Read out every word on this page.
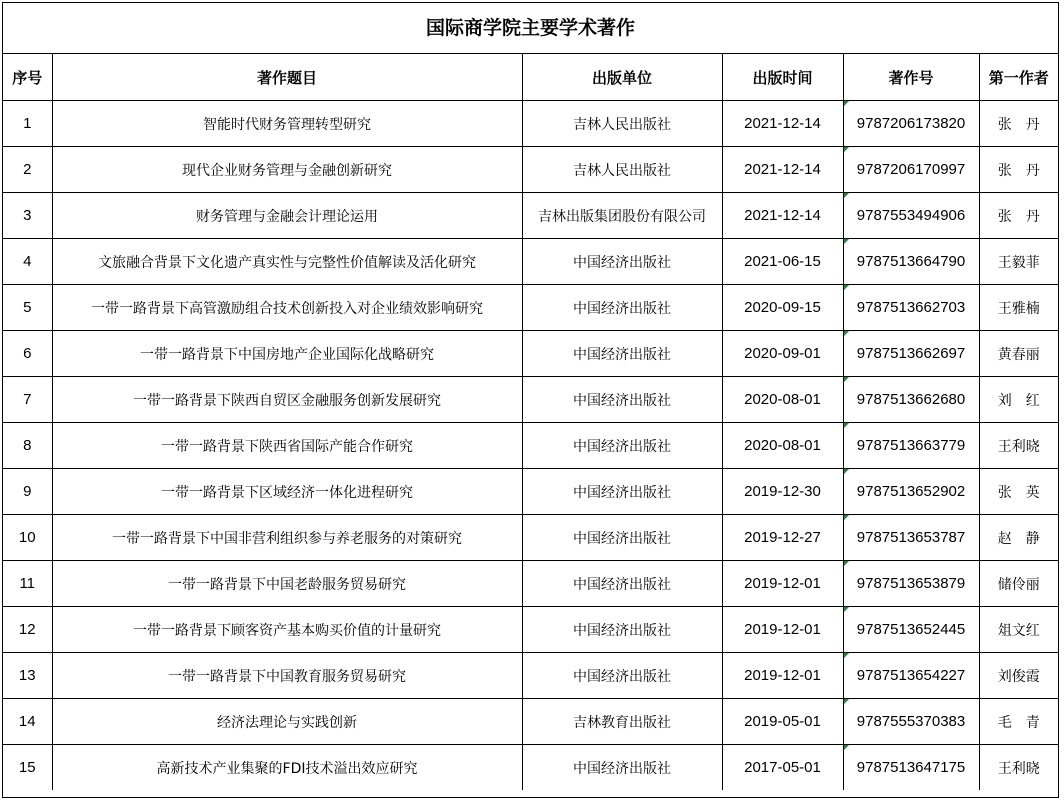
国际商学院主要学术著作
序号	著作题目	出版单位	出版时间	著作号	第一作者
1	智能时代财务管理转型研究	吉林人民出版社	2021-12-14	9787206173820	张　丹
2	现代企业财务管理与金融创新研究	吉林人民出版社	2021-12-14	9787206170997	张　丹
3	财务管理与金融会计理论运用	吉林出版集团股份有限公司	2021-12-14	9787553494906	张　丹
4	文旅融合背景下文化遗产真实性与完整性价值解读及活化研究	中国经济出版社	2021-06-15	9787513664790	王毅菲
5	一带一路背景下高管激励组合技术创新投入对企业绩效影响研究	中国经济出版社	2020-09-15	9787513662703	王雅楠
6	一带一路背景下中国房地产企业国际化战略研究	中国经济出版社	2020-09-01	9787513662697	黄春丽
7	一带一路背景下陕西自贸区金融服务创新发展研究	中国经济出版社	2020-08-01	9787513662680	刘　红
8	一带一路背景下陕西省国际产能合作研究	中国经济出版社	2020-08-01	9787513663779	王利晓
9	一带一路背景下区域经济一体化进程研究	中国经济出版社	2019-12-30	9787513652902	张　英
10	一带一路背景下中国非营利组织参与养老服务的对策研究	中国经济出版社	2019-12-27	9787513653787	赵　静
11	一带一路背景下中国老龄服务贸易研究	中国经济出版社	2019-12-01	9787513653879	储伶丽
12	一带一路背景下顾客资产基本购买价值的计量研究	中国经济出版社	2019-12-01	9787513652445	俎文红
13	一带一路背景下中国教育服务贸易研究	中国经济出版社	2019-12-01	9787513654227	刘俊霞
14	经济法理论与实践创新	吉林教育出版社	2019-05-01	9787555370383	毛　青
15	高新技术产业集聚的FDI技术溢出效应研究	中国经济出版社	2017-05-01	9787513647175	王利晓
